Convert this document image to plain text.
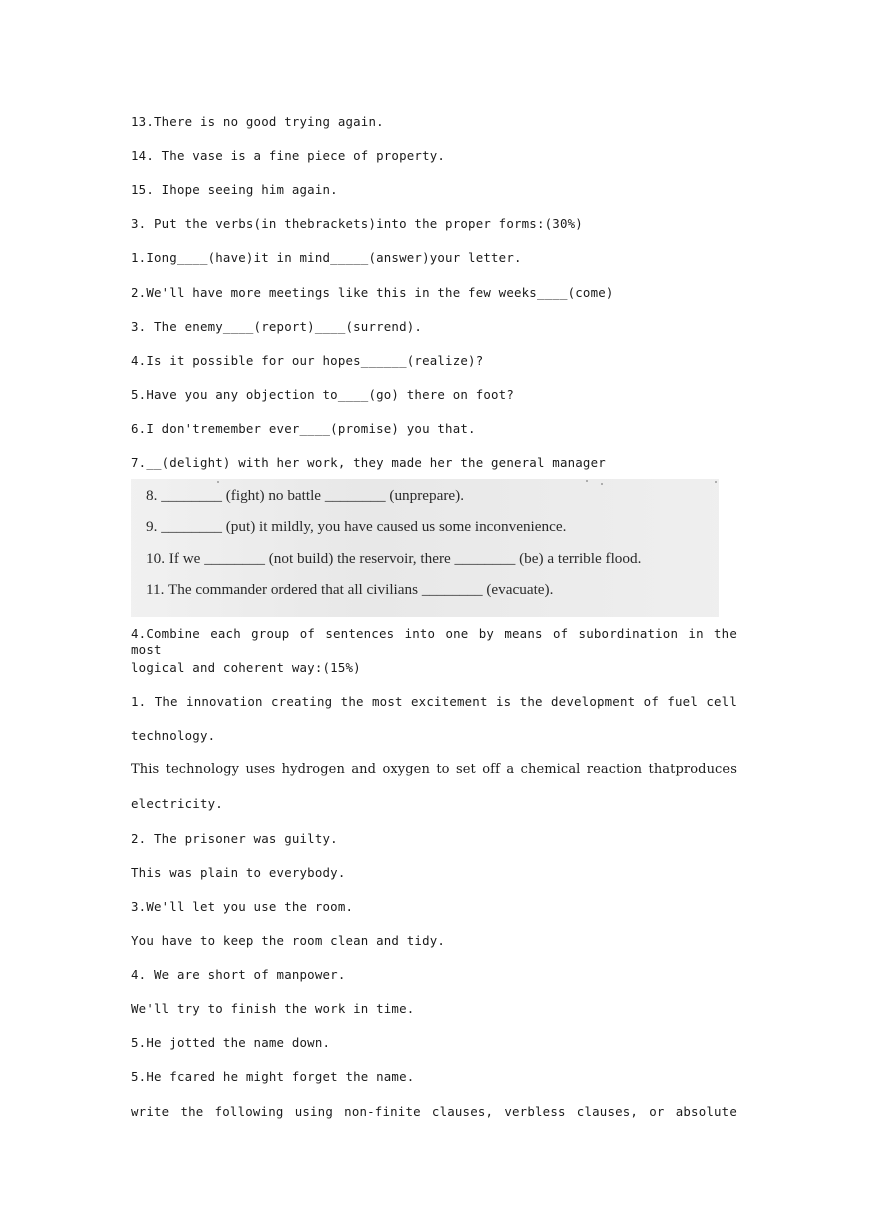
13.There is no good trying again.
14. The vase is a fine piece of property.
15. Ihope seeing him again.
3. Put the verbs(in thebrackets)into the proper forms:(30%)
1.Iong____(have)it in mind_____(answer)your letter.
2.We'll have more meetings like this in the few weeks____(come)
3. The enemy____(report)____(surrend).
4.Is it possible for our hopes______(realize)?
5.Have you any objection to____(go) there on foot?
6.I don'tremember ever____(promise) you that.
7.__(delight) with her work, they made her the general manager
8. ________ (fight) no battle ________ (unprepare).
9. ________ (put) it mildly, you have caused us some inconvenience.
10. If we ________ (not build) the reservoir, there ________ (be) a terrible flood.
11. The commander ordered that all civilians ________ (evacuate).
4.Combine each group of sentences into one by means of subordination in the most
logical and coherent way:(15%)
1. The innovation creating the most excitement is the development of fuel cell
technology.
This technology uses hydrogen and oxygen to set off a chemical reaction thatproduces
electricity.
2. The prisoner was guilty.
This was plain to everybody.
3.We'll let you use the room.
You have to keep the room clean and tidy.
4. We are short of manpower.
We'll try to finish the work in time.
5.He jotted the name down.
5.He fcared he might forget the name.
write the following using non-finite clauses, verbless clauses, or absolute
